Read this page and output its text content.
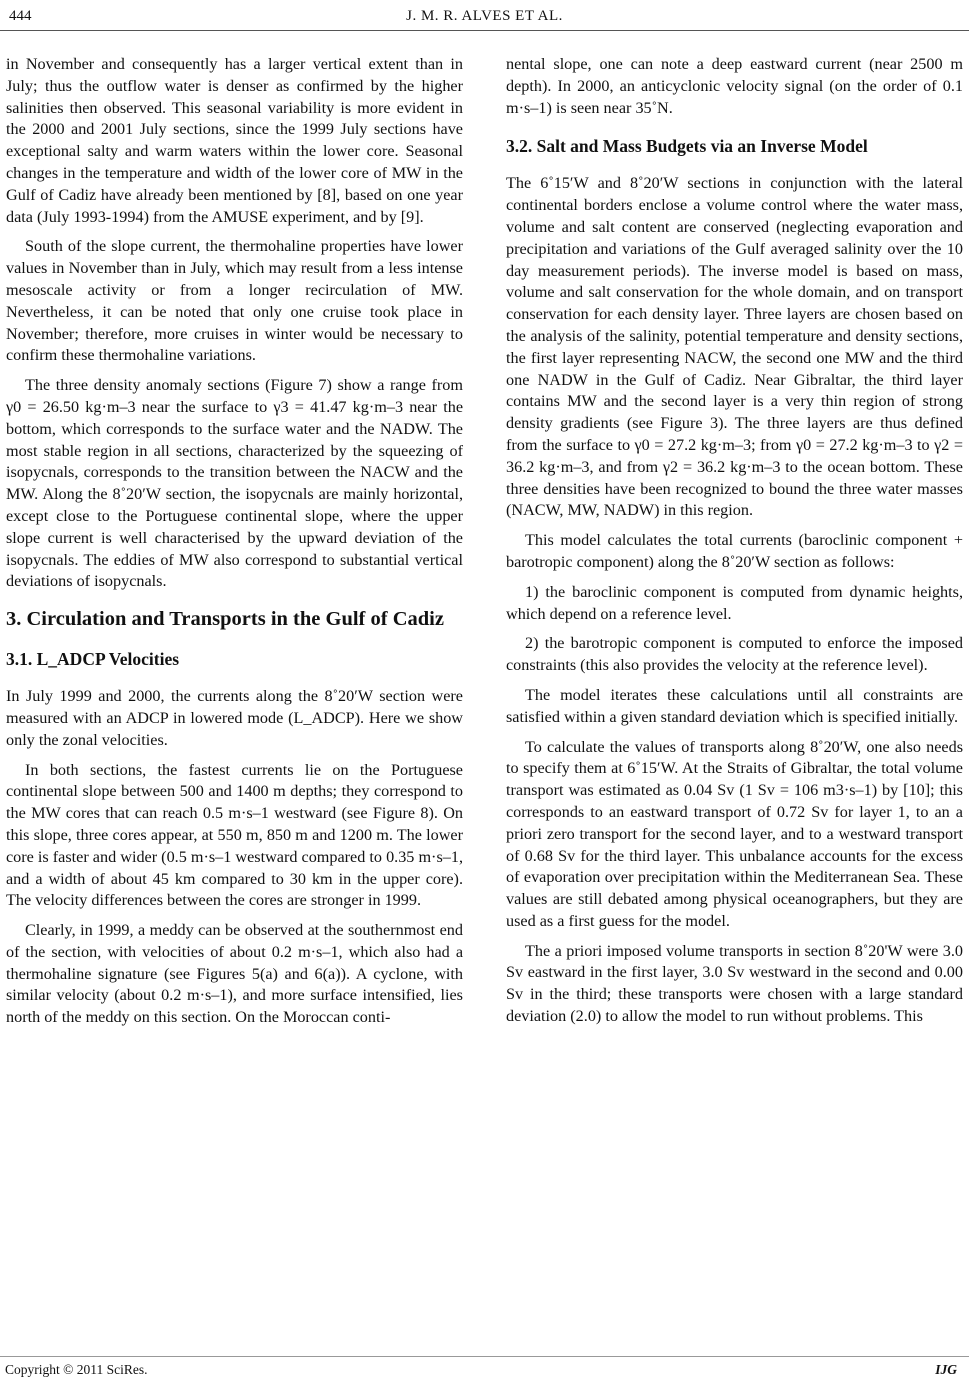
444	J. M. R. ALVES ET AL.

in November and consequently has a larger vertical extent than in July; thus the outflow water is denser as confirmed by the higher salinities then observed. This seasonal variability is more evident in the 2000 and 2001 July sections, since the 1999 July sections have exceptional salty and warm waters within the lower core. Seasonal changes in the temperature and width of the lower core of MW in the Gulf of Cadiz have already been mentioned by [8], based on one year data (July 1993-1994) from the AMUSE experiment, and by [9].

South of the slope current, the thermohaline properties have lower values in November than in July, which may result from a less intense mesoscale activity or from a longer recirculation of MW. Nevertheless, it can be noted that only one cruise took place in November; therefore, more cruises in winter would be necessary to confirm these thermohaline variations.

The three density anomaly sections (Figure 7) show a range from γ0 = 26.50 kg·m–3 near the surface to γ3 = 41.47 kg·m–3 near the bottom, which corresponds to the surface water and the NADW. The most stable region in all sections, characterized by the squeezing of isopycnals, corresponds to the transition between the NACW and the MW. Along the 8˚20′W section, the isopycnals are mainly horizontal, except close to the Portuguese continental slope, where the upper slope current is well characterised by the upward deviation of the isopycnals. The eddies of MW also correspond to substantial vertical deviations of isopycnals.

3. Circulation and Transports in the Gulf of Cadiz
3.1. L_ADCP Velocities

In July 1999 and 2000, the currents along the 8˚20′W section were measured with an ADCP in lowered mode (L_ADCP). Here we show only the zonal velocities.

In both sections, the fastest currents lie on the Portuguese continental slope between 500 and 1400 m depths; they correspond to the MW cores that can reach 0.5 m·s–1 westward (see Figure 8). On this slope, three cores appear, at 550 m, 850 m and 1200 m. The lower core is faster and wider (0.5 m·s–1 westward compared to 0.35 m·s–1, and a width of about 45 km compared to 30 km in the upper core). The velocity differences between the cores are stronger in 1999.

Clearly, in 1999, a meddy can be observed at the southernmost end of the section, with velocities of about 0.2 m·s–1, which also had a thermohaline signature (see Figures 5(a) and 6(a)). A cyclone, with similar velocity (about 0.2 m·s–1), and more surface intensified, lies north of the meddy on this section. On the Moroccan conti-

nental slope, one can note a deep eastward current (near 2500 m depth). In 2000, an anticyclonic velocity signal (on the order of 0.1 m·s–1) is seen near 35˚N.

3.2. Salt and Mass Budgets via an Inverse Model

The 6˚15′W and 8˚20′W sections in conjunction with the lateral continental borders enclose a volume control where the water mass, volume and salt content are conserved (neglecting evaporation and precipitation and variations of the Gulf averaged salinity over the 10 day measurement periods). The inverse model is based on mass, volume and salt conservation for the whole domain, and on transport conservation for each density layer. Three layers are chosen based on the analysis of the salinity, potential temperature and density sections, the first layer representing NACW, the second one MW and the third one NADW in the Gulf of Cadiz. Near Gibraltar, the third layer contains MW and the second layer is a very thin region of strong density gradients (see Figure 3). The three layers are thus defined from the surface to γ0 = 27.2 kg·m–3; from γ0 = 27.2 kg·m–3 to γ2 = 36.2 kg·m–3, and from γ2 = 36.2 kg·m–3 to the ocean bottom. These three densities have been recognized to bound the three water masses (NACW, MW, NADW) in this region.

This model calculates the total currents (baroclinic component + barotropic component) along the 8˚20′W section as follows:

1) the baroclinic component is computed from dynamic heights, which depend on a reference level.

2) the barotropic component is computed to enforce the imposed constraints (this also provides the velocity at the reference level).

The model iterates these calculations until all constraints are satisfied within a given standard deviation which is specified initially.

To calculate the values of transports along 8˚20′W, one also needs to specify them at 6˚15′W. At the Straits of Gibraltar, the total volume transport was estimated as 0.04 Sv (1 Sv = 106 m3·s–1) by [10]; this corresponds to an eastward transport of 0.72 Sv for layer 1, to an a priori zero transport for the second layer, and to a westward transport of 0.68 Sv for the third layer. This unbalance accounts for the excess of evaporation over precipitation within the Mediterranean Sea. These values are still debated among physical oceanographers, but they are used as a first guess for the model.

The a priori imposed volume transports in section 8˚20'W were 3.0 Sv eastward in the first layer, 3.0 Sv westward in the second and 0.00 Sv in the third; these transports were chosen with a large standard deviation (2.0) to allow the model to run without problems. This

Copyright © 2011 SciRes.	IJG
